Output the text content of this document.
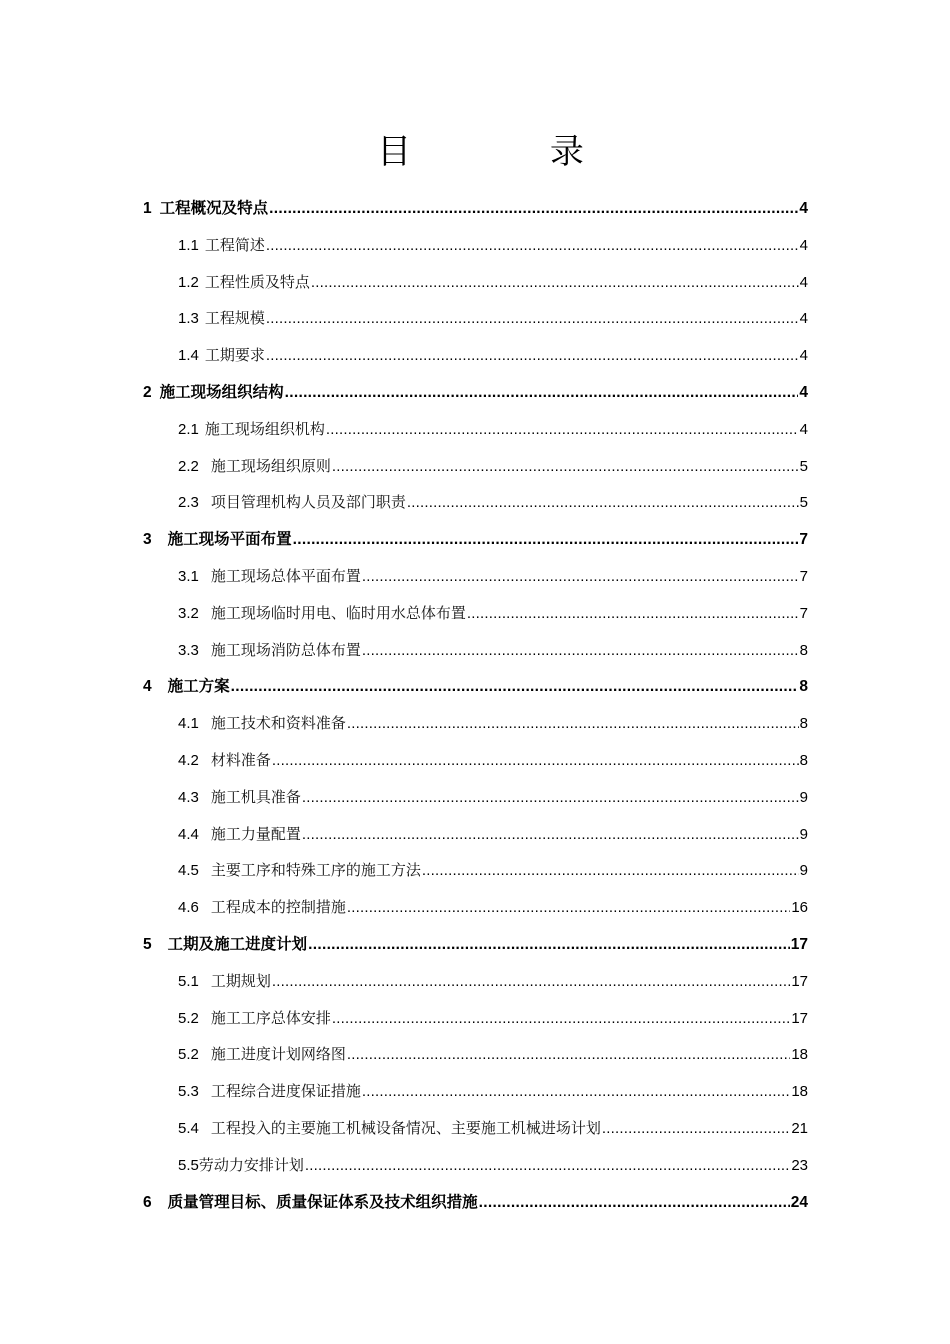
目 录
1 工程概况及特点 .....	4
1.1 工程简述 .....	4
1.2 工程性质及特点 .....	4
1.3 工程规模 .....	4
1.4 工期要求 .....	4
2 施工现场组织结构 .....	4
2.1 施工现场组织机构 .....	4
2.2 施工现场组织原则 .....	5
2.3 项目管理机构人员及部门职责 .....	5
3 施工现场平面布置 .....	7
3.1 施工现场总体平面布置 .....	7
3.2 施工现场临时用电、临时用水总体布置 .....	7
3.3 施工现场消防总体布置 .....	8
4 施工方案 .....	8
4.1 施工技术和资料准备 .....	8
4.2 材料准备 .....	8
4.3 施工机具准备 .....	9
4.4 施工力量配置 .....	9
4.5 主要工序和特殊工序的施工方法 .....	9
4.6 工程成本的控制措施 .....	16
5 工期及施工进度计划 .....	17
5.1 工期规划 .....	17
5.2 施工工序总体安排 .....	17
5.2 施工进度计划网络图 .....	18
5.3 工程综合进度保证措施 .....	18
5.4 工程投入的主要施工机械设备情况、主要施工机械进场计划 .....	21
5.5 劳动力安排计划 .....	23
6 质量管理目标、质量保证体系及技术组织措施 .....	24
